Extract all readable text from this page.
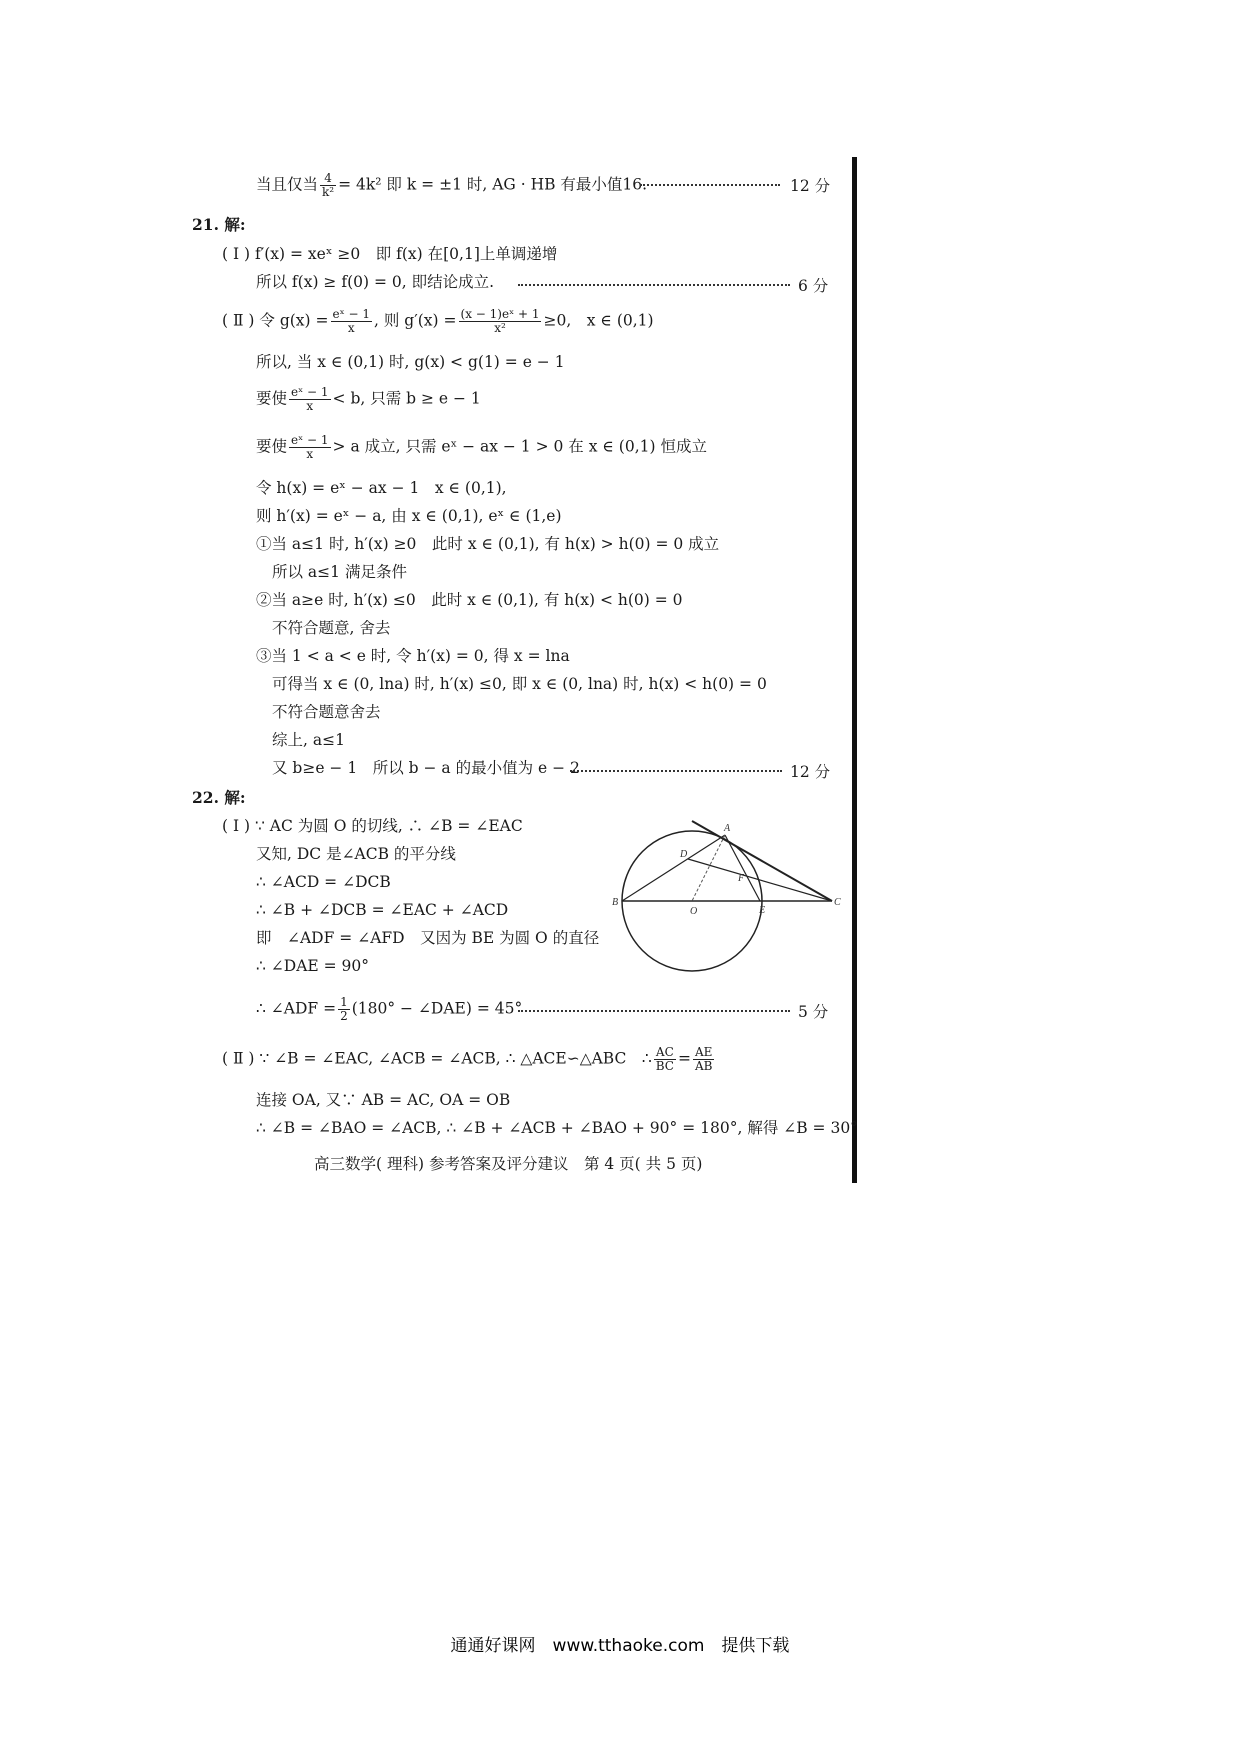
当且仅当 $\frac{4}{\text{k²}} = 4k^2$ 即 k = ±1 时, AG · HB 有最小值16.	12 分
21. 解:
( Ⅰ ) f′(x) = xeˣ ≥0　即 f(x) 在[0,1]上单调递增
所以 f(x) ≥ f(0) = 0, 即结论成立.	6 分
( Ⅱ ) 令 $g(x) = \frac{\text{eˣ − 1}}{x}$ , 则 $g'(x) = \frac{\text{(x − 1)eˣ + 1}}{\text{x²}} \ge 0$,　x ∈ (0,1)
所以, 当 x ∈ (0,1) 时, g(x) < g(1) = e − 1
要使 $\frac{\text{eˣ − 1}}{x} < b$, 只需 b ≥ e − 1
要使 $\frac{\text{eˣ − 1}}{x} > a$ 成立, 只需 eˣ − ax − 1 > 0 在 x ∈ (0,1) 恒成立
令 h(x) = eˣ − ax − 1　x ∈ (0,1),
则 h′(x) = eˣ − a, 由 x ∈ (0,1), eˣ ∈ (1,e)
①当 a≤1 时, h′(x) ≥0　此时 x ∈ (0,1), 有 h(x) > h(0) = 0 成立
所以 a≤1 满足条件
②当 a≥e 时, h′(x) ≤0　此时 x ∈ (0,1), 有 h(x) < h(0) = 0
不符合题意, 舍去
③当 1 < a < e 时, 令 h′(x) = 0, 得 x = lna
可得当 x ∈ (0, lna) 时, h′(x) ≤0, 即 x ∈ (0, lna) 时, h(x) < h(0) = 0
不符合题意舍去
综上, a≤1
又 b≥e − 1　所以 b − a 的最小值为 e − 2	12 分
22. 解:
( Ⅰ ) ∵ AC 为圆 O 的切线, ∴ ∠B = ∠EAC
又知, DC 是∠ACB 的平分线
∴ ∠ACD = ∠DCB
∴ ∠B + ∠DCB = ∠EAC + ∠ACD
即　∠ADF = ∠AFD　又因为 BE 为圆 O 的直径
∴ ∠DAE = 90°
∴ ∠ADF = $\frac{1}{2} (180^\circ$ − ∠DAE) = 45°	5 分
( Ⅱ ) ∵ ∠B = ∠EAC, ∠ACB = ∠ACB, ∴ △ACE∽△ABC　∴ $\frac{AC}{BC} = \frac{AE}{AB}$
连接 OA, 又∵ AB = AC, OA = OB
∴ ∠B = ∠BAO = ∠ACB, ∴ ∠B + ∠ACB + ∠BAO + 90° = 180°, 解得 ∠B = 30°
高三数学( 理科) 参考答案及评分建议　第 4 页( 共 5 页)
A
D
F
B
O	E
C
通通好课网　www.tthaoke.com　提供下载
